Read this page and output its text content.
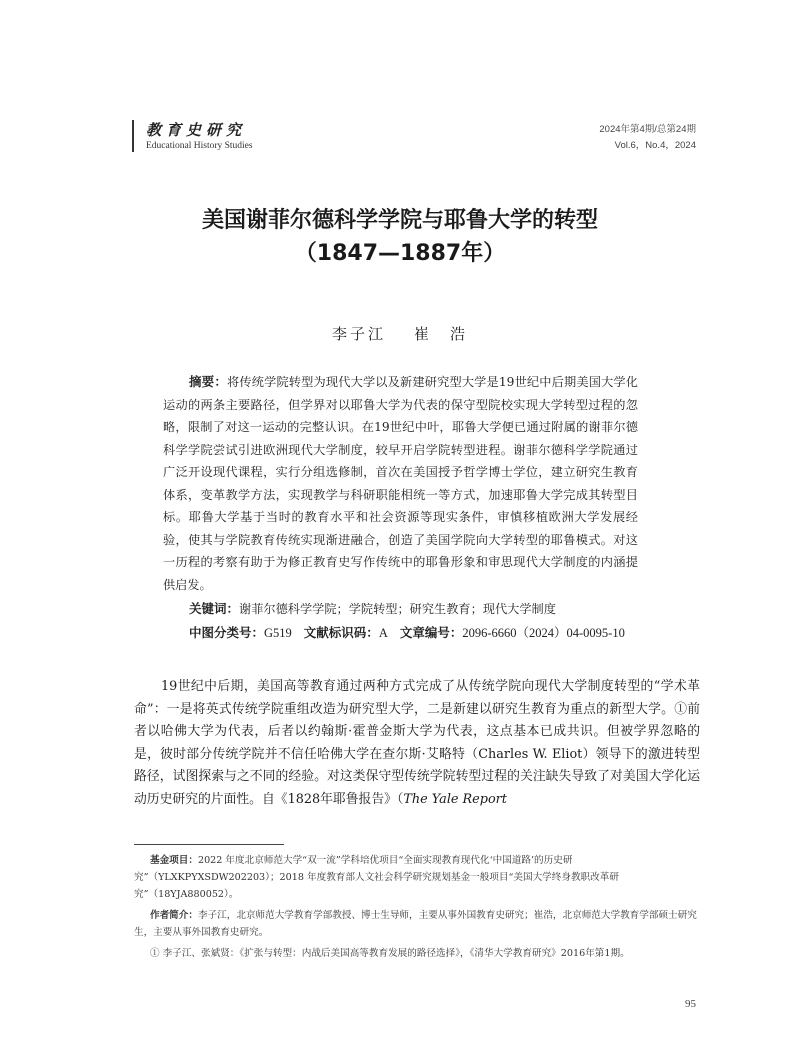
教育史研究
Educational History Studies
2024年第4期/总第24期
Vol.6，No.4，2024
美国谢菲尔德科学学院与耶鲁大学的转型
（1847—1887年）
李子江 崔　浩

摘要：将传统学院转型为现代大学以及新建研究型大学是19世纪中后期美国大学化运动的两条主要路径，但学界对以耶鲁大学为代表的保守型院校实现大学转型过程的忽略，限制了对这一运动的完整认识。在19世纪中叶，耶鲁大学便已通过附属的谢菲尔德科学学院尝试引进欧洲现代大学制度，较早开启学院转型进程。谢菲尔德科学学院通过广泛开设现代课程，实行分组选修制，首次在美国授予哲学博士学位，建立研究生教育体系，变革教学方法，实现教学与科研职能相统一等方式，加速耶鲁大学完成其转型目标。耶鲁大学基于当时的教育水平和社会资源等现实条件，审慎移植欧洲大学发展经验，使其与学院教育传统实现渐进融合，创造了美国学院向大学转型的耶鲁模式。对这一历程的考察有助于为修正教育史写作传统中的耶鲁形象和审思现代大学制度的内涵提供启发。

关键词：谢菲尔德科学学院；学院转型；研究生教育；现代大学制度
中图分类号：G519 文献标识码：A 文章编号：2096-6660（2024）04-0095-10

19世纪中后期，美国高等教育通过两种方式完成了从传统学院向现代大学制度转型的“学术革命”：一是将英式传统学院重组改造为研究型大学，二是新建以研究生教育为重点的新型大学。①前者以哈佛大学为代表，后者以约翰斯·霍普金斯大学为代表，这点基本已成共识。但被学界忽略的是，彼时部分传统学院并不信任哈佛大学在查尔斯·艾略特（Charles W. Eliot）领导下的激进转型路径，试图探索与之不同的经验。对这类保守型传统学院转型过程的关注缺失导致了对美国大学化运动历史研究的片面性。自《1828年耶鲁报告》（The Yale Report

基金项目：2022 年度北京师范大学“双一流”学科培优项目“全面实现教育现代化‘中国道路’的历史研究”（YLXKPYXSDW202203）；2018 年度教育部人文社会科学研究规划基金一般项目“美国大学终身教职改革研究”（18YJA880052）。

作者简介：李子江，北京师范大学教育学部教授、博士生导师，主要从事外国教育史研究；崔浩，北京师范大学教育学部硕士研究生，主要从事外国教育史研究。

① 李子江、张斌贤：《扩张与转型：内战后美国高等教育发展的路径选择》，《清华大学教育研究》2016年第1期。

95
